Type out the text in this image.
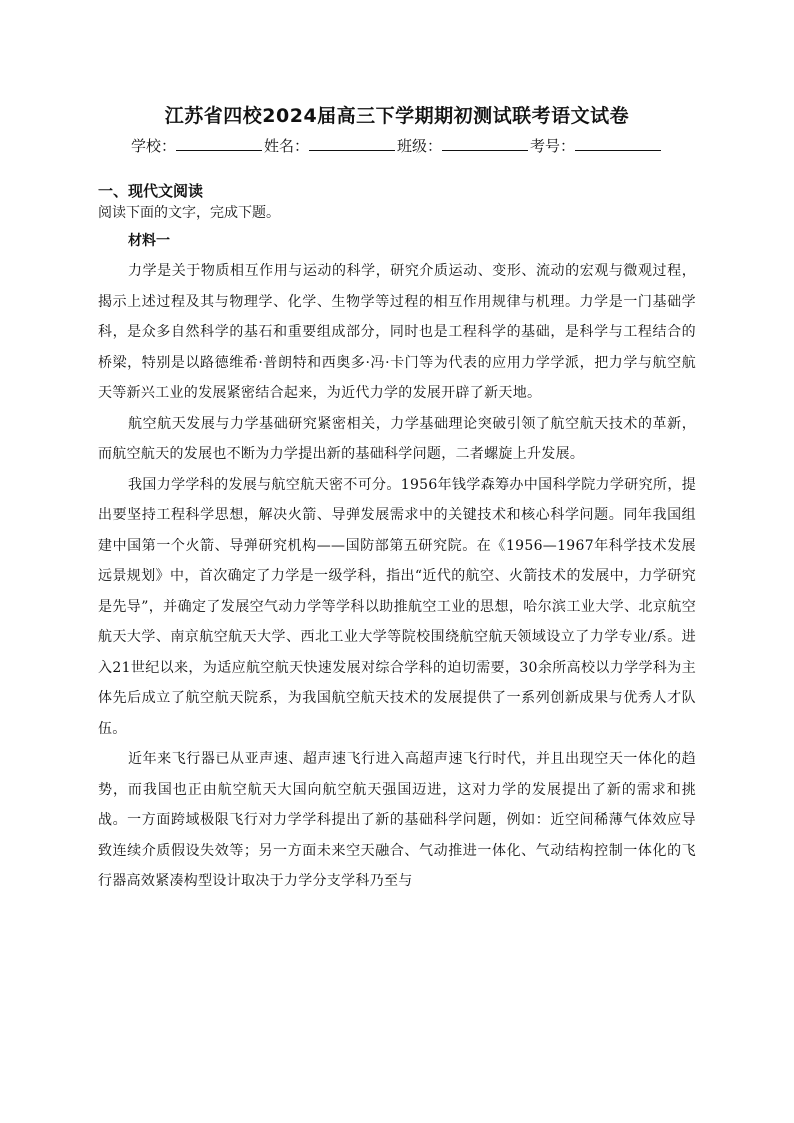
江苏省四校2024届高三下学期期初测试联考语文试卷
学校：	姓名：	班级：	考号：
一、现代文阅读
阅读下面的文字，完成下题。
材料一

力学是关于物质相互作用与运动的科学，研究介质运动、变形、流动的宏观与微观过程，揭示上述过程及其与物理学、化学、生物学等过程的相互作用规律与机理。力学是一门基础学科，是众多自然科学的基石和重要组成部分，同时也是工程科学的基础，是科学与工程结合的桥梁，特别是以路德维希·普朗特和西奥多·冯·卡门等为代表的应用力学学派，把力学与航空航天等新兴工业的发展紧密结合起来，为近代力学的发展开辟了新天地。

航空航天发展与力学基础研究紧密相关，力学基础理论突破引领了航空航天技术的革新，而航空航天的发展也不断为力学提出新的基础科学问题，二者螺旋上升发展。

我国力学学科的发展与航空航天密不可分。1956年钱学森筹办中国科学院力学研究所，提出要坚持工程科学思想，解决火箭、导弹发展需求中的关键技术和核心科学问题。同年我国组建中国第一个火箭、导弹研究机构——国防部第五研究院。在《1956—1967年科学技术发展远景规划》中，首次确定了力学是一级学科，指出“近代的航空、火箭技术的发展中，力学研究是先导”，并确定了发展空气动力学等学科以助推航空工业的思想，哈尔滨工业大学、北京航空航天大学、南京航空航天大学、西北工业大学等院校围绕航空航天领域设立了力学专业/系。进入21世纪以来，为适应航空航天快速发展对综合学科的迫切需要，30余所高校以力学学科为主体先后成立了航空航天院系，为我国航空航天技术的发展提供了一系列创新成果与优秀人才队伍。

近年来飞行器已从亚声速、超声速飞行进入高超声速飞行时代，并且出现空天一体化的趋势，而我国也正由航空航天大国向航空航天强国迈进，这对力学的发展提出了新的需求和挑战。一方面跨域极限飞行对力学学科提出了新的基础科学问题，例如：近空间稀薄气体效应导致连续介质假设失效等；另一方面未来空天融合、气动推进一体化、气动结构控制一体化的飞行器高效紧凑构型设计取决于力学分支学科乃至与
